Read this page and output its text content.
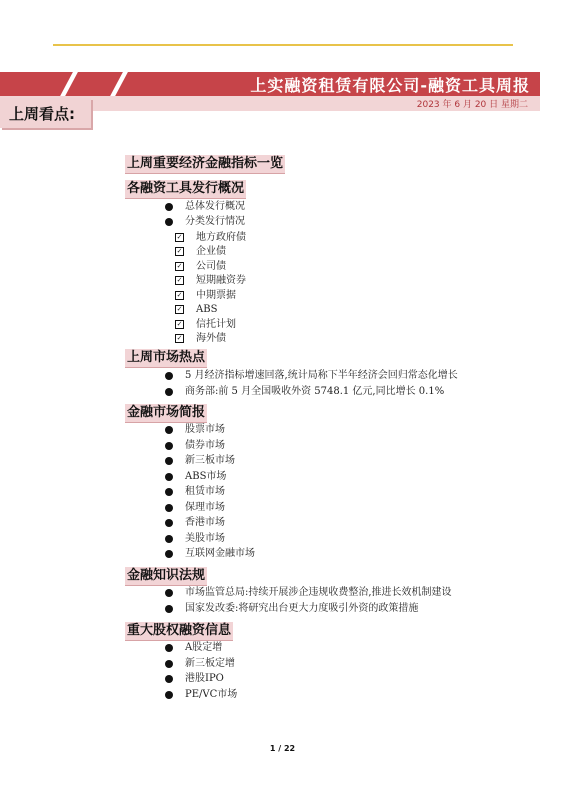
上实融资租赁有限公司-融资工具周报
2023 年 6 月 20 日 星期二
上周看点:
上周重要经济金融指标一览
各融资工具发行概况
总体发行概况
分类发行情况
✓ 地方政府债
✓ 企业债
✓ 公司债
✓ 短期融资券
✓ 中期票据
✓ ABS
✓ 信托计划
✓ 海外债
上周市场热点
5 月经济指标增速回落,统计局称下半年经济会回归常态化增长
商务部:前 5 月全国吸收外资 5748.1 亿元,同比增长 0.1%
金融市场简报
股票市场
债券市场
新三板市场
ABS市场
租赁市场
保理市场
香港市场
美股市场
互联网金融市场
金融知识法规
市场监管总局:持续开展涉企违规收费整治,推进长效机制建设
国家发改委:将研究出台更大力度吸引外资的政策措施
重大股权融资信息
A股定增
新三板定增
港股IPO
PE/VC市场
1 / 22
